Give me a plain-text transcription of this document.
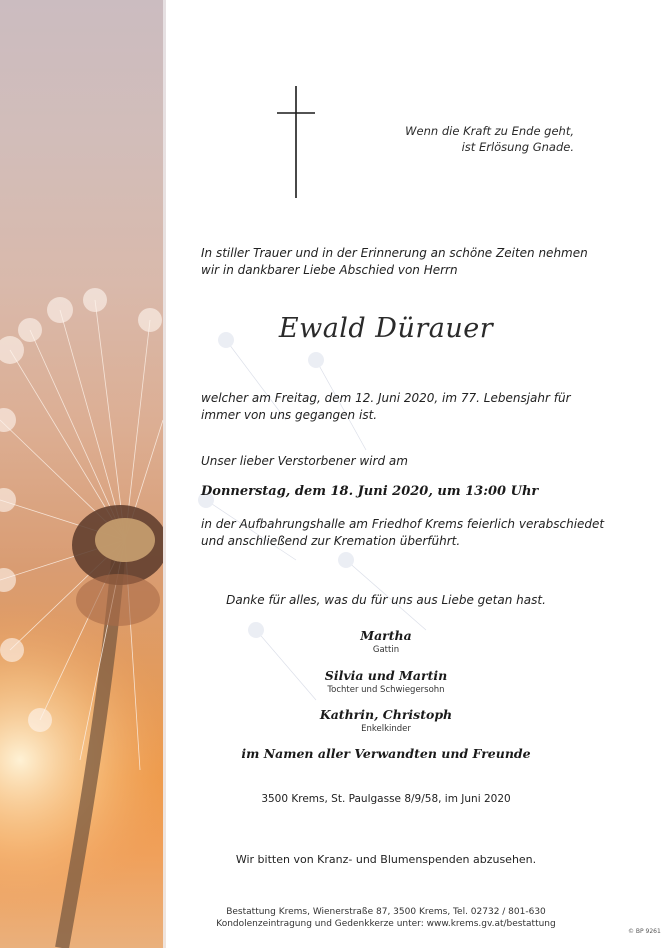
Wenn die Kraft zu Ende geht,
ist Erlösung Gnade.
In stiller Trauer und in der Erinnerung an schöne Zeiten nehmen
wir in dankbarer Liebe Abschied von Herrn
Ewald Dürauer
welcher am Freitag, dem 12. Juni 2020, im 77. Lebensjahr für
immer von uns gegangen ist.
Unser lieber Verstorbener wird am
Donnerstag, dem 18. Juni 2020, um 13:00 Uhr
in der Aufbahrungshalle am Friedhof Krems feierlich verabschiedet
und anschließend zur Kremation überführt.
Danke für alles, was du für uns aus Liebe getan hast.
Martha
Gattin
Silvia und Martin
Tochter und Schwiegersohn
Kathrin, Christoph
Enkelkinder
im Namen aller Verwandten und Freunde
3500 Krems, St. Paulgasse 8/9/58, im Juni 2020
Wir bitten von Kranz- und Blumenspenden abzusehen.
Bestattung Krems, Wienerstraße 87, 3500 Krems, Tel. 02732 / 801-630
Kondolenzeintragung und Gedenkkerze unter: www.krems.gv.at/bestattung
© BP 9261
